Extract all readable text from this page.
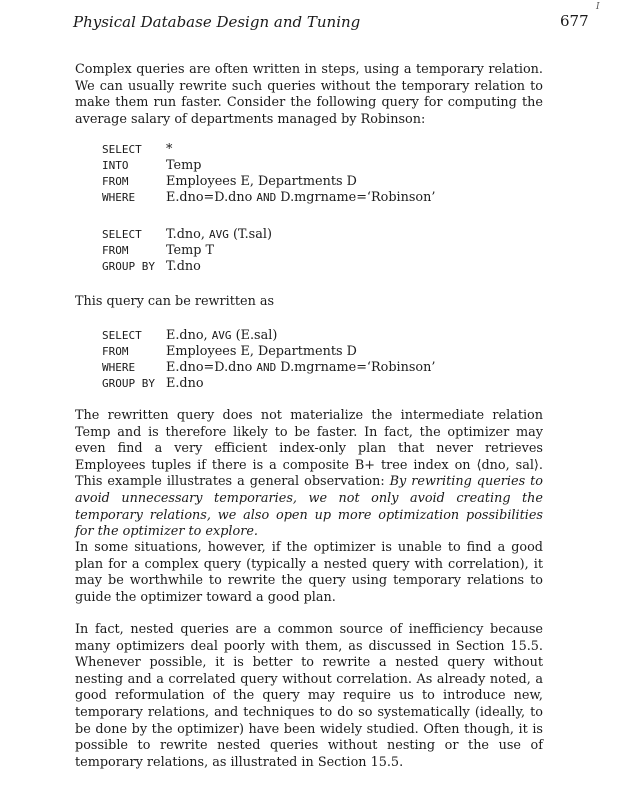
Physical Database Design and Tuning	677
I

Complex queries are often written in steps, using a temporary relation. We can usually rewrite such queries without the temporary relation to make them run faster. Consider the following query for computing the average salary of departments managed by Robinson:

SELECT	*
INTO	Temp
FROM	Employees E, Departments D
WHERE	E.dno=D.dno AND D.mgrname=‘Robinson’
SELECT	T.dno, AVG (T.sal)
FROM	Temp T
GROUP BY T.dno

This query can be rewritten as

SELECT	E.dno, AVG (E.sal)
FROM	Employees E, Departments D
WHERE	E.dno=D.dno AND D.mgrname=‘Robinson’
GROUP BY E.dno

The rewritten query does not materialize the intermediate relation Temp and is therefore likely to be faster. In fact, the optimizer may even find a very efficient index-only plan that never retrieves Employees tuples if there is a composite B+ tree index on ⟨dno, sal⟩. This example illustrates a general observation: By rewriting queries to avoid unnecessary temporaries, we not only avoid creating the temporary relations, we also open up more optimization possibilities for the optimizer to explore.

In some situations, however, if the optimizer is unable to find a good plan for a complex query (typically a nested query with correlation), it may be worthwhile to rewrite the query using temporary relations to guide the optimizer toward a good plan.

In fact, nested queries are a common source of inefficiency because many optimizers deal poorly with them, as discussed in Section 15.5. Whenever possible, it is better to rewrite a nested query without nesting and a correlated query without correlation. As already noted, a good reformulation of the query may require us to introduce new, temporary relations, and techniques to do so systematically (ideally, to be done by the optimizer) have been widely studied. Often though, it is possible to rewrite nested queries without nesting or the use of temporary relations, as illustrated in Section 15.5.
